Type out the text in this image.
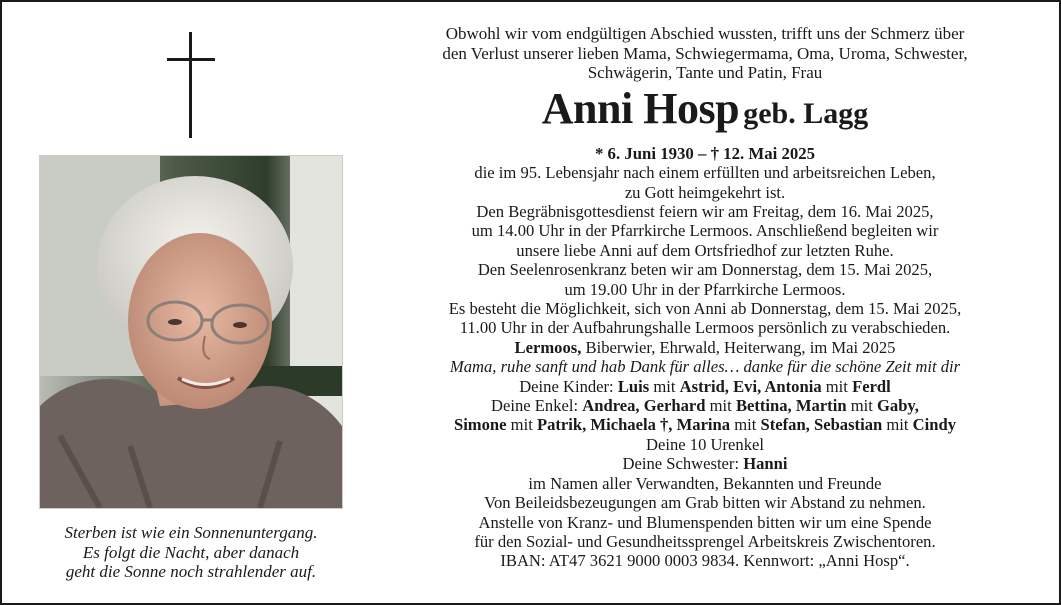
Sterben ist wie ein Sonnenuntergang.
Es folgt die Nacht, aber danach
geht die Sonne noch strahlender auf.

Obwohl wir vom endgültigen Abschied wussten, trifft uns der Schmerz über

den Verlust unserer lieben Mama, Schwiegermama, Oma, Uroma, Schwester,

Schwägerin, Tante und Patin, Frau

Anni Hosp geb. Lagg

* 6. Juni 1930 – † 12. Mai 2025

die im 95. Lebensjahr nach einem erfüllten und arbeitsreichen Leben,

zu Gott heimgekehrt ist.

Den Begräbnisgottesdienst feiern wir am Freitag, dem 16. Mai 2025,

um 14.00 Uhr in der Pfarrkirche Lermoos. Anschließend begleiten wir

unsere liebe Anni auf dem Ortsfriedhof zur letzten Ruhe.

Den Seelenrosenkranz beten wir am Donnerstag, dem 15. Mai 2025,

um 19.00 Uhr in der Pfarrkirche Lermoos.

Es besteht die Möglichkeit, sich von Anni ab Donnerstag, dem 15. Mai 2025,

11.00 Uhr in der Aufbahrungshalle Lermoos persönlich zu verabschieden.

Lermoos, Biberwier, Ehrwald, Heiterwang, im Mai 2025

Mama, ruhe sanft und hab Dank für alles… danke für die schöne Zeit mit dir

Deine Kinder: Luis mit Astrid, Evi, Antonia mit Ferdl

Deine Enkel: Andrea, Gerhard mit Bettina, Martin mit Gaby,

Simone mit Patrik, Michaela †, Marina mit Stefan, Sebastian mit Cindy

Deine 10 Urenkel

Deine Schwester: Hanni

im Namen aller Verwandten, Bekannten und Freunde

Von Beileidsbezeugungen am Grab bitten wir Abstand zu nehmen.

Anstelle von Kranz- und Blumenspenden bitten wir um eine Spende

für den Sozial- und Gesundheitssprengel Arbeitskreis Zwischentoren.

IBAN: AT47 3621 9000 0003 9834. Kennwort: „Anni Hosp“.
